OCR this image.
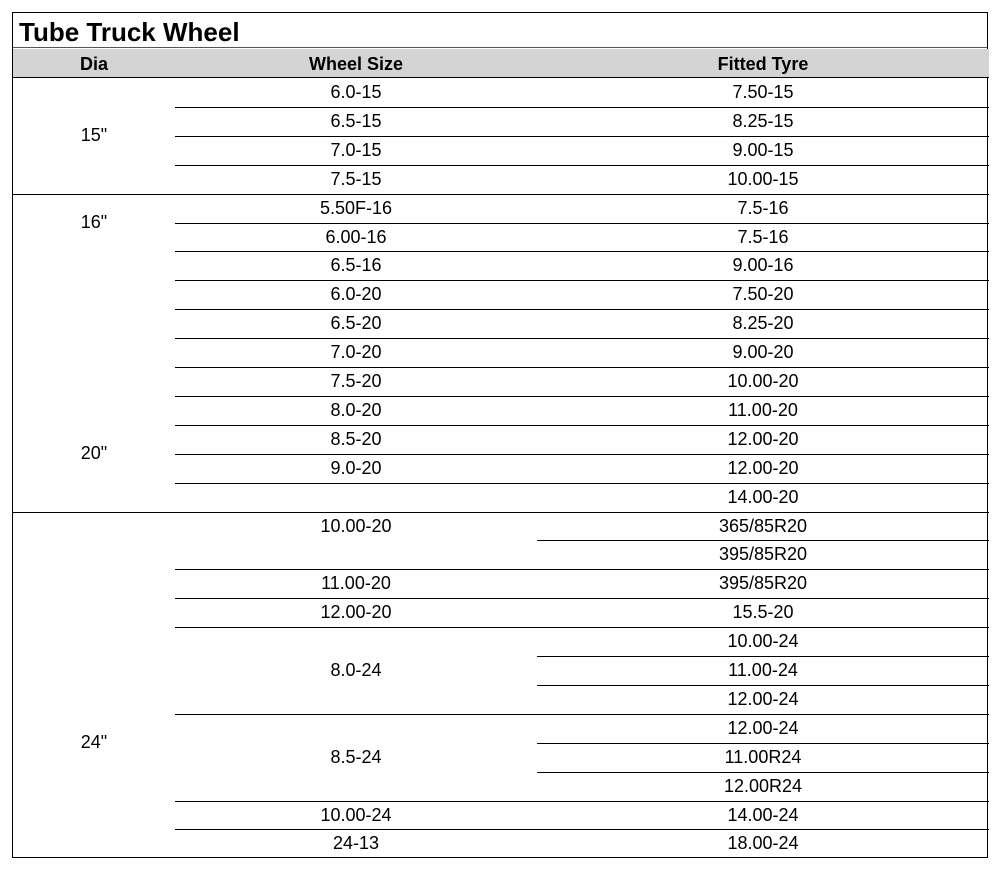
Tube Truck Wheel
Dia	Wheel Size	Fitted Tyre
7.50-15
8.25-15
9.00-15
10.00-15
7.5-16
7.5-16
9.00-16
7.50-20
8.25-20
9.00-20
10.00-20
11.00-20
12.00-20
12.00-20
14.00-20
365/85R20
395/85R20
395/85R20
15.5-20
10.00-24
11.00-24
12.00-24
12.00-24
11.00R24
12.00R24
14.00-24
18.00-24
6.0-15
6.5-15
7.0-15
7.5-15
5.50F-16
6.00-16
6.5-16
6.0-20
6.5-20
7.0-20
7.5-20
8.0-20
8.5-20
9.0-20
10.00-20
11.00-20
12.00-20
8.0-24
8.5-24
10.00-24
24-13
15"
16"
20"
24"
